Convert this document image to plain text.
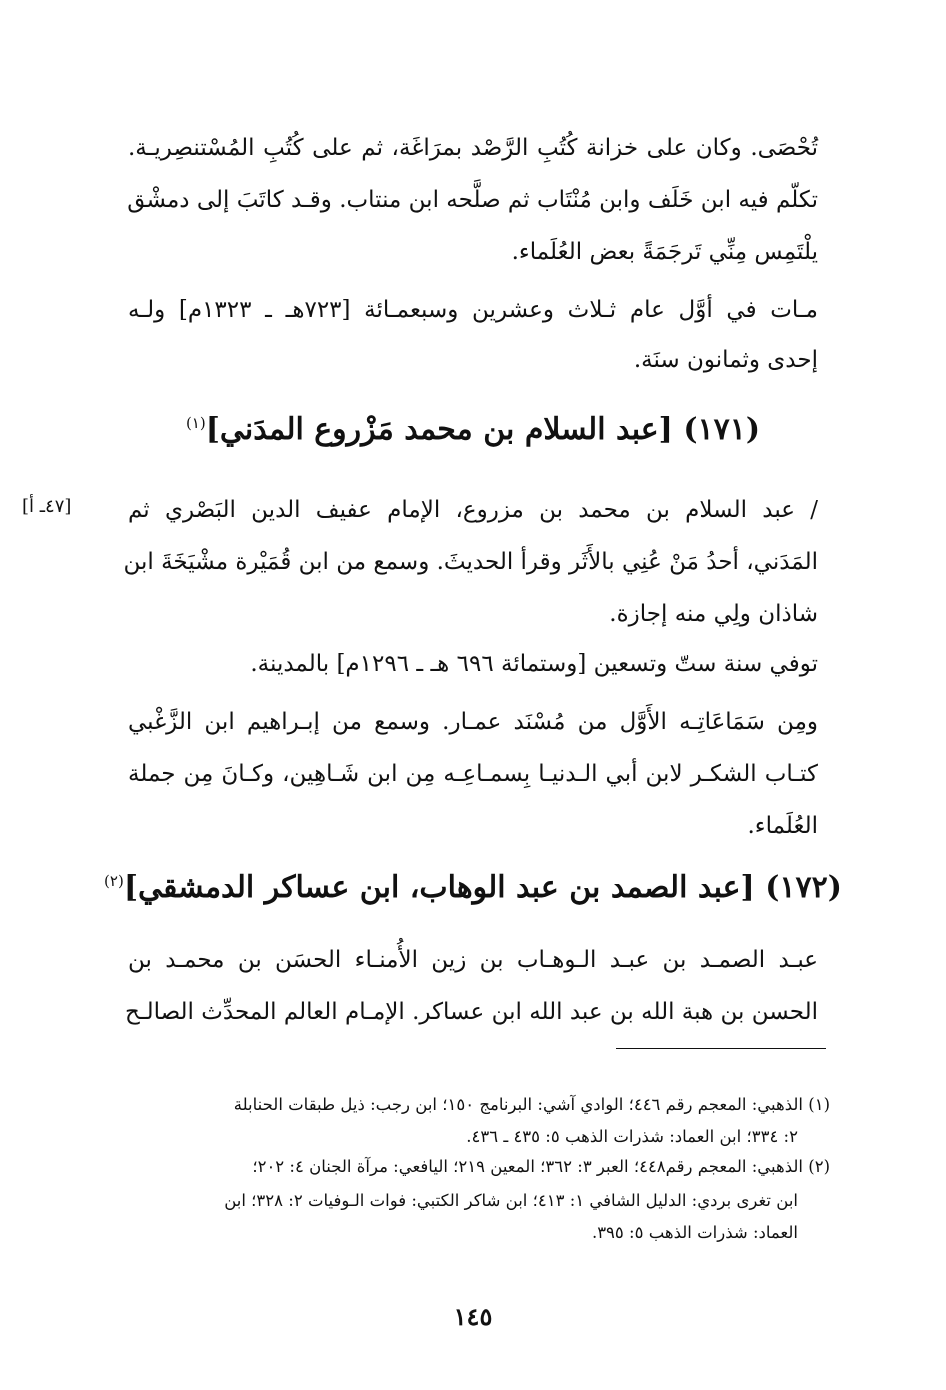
تُحْصَى. وكان على خزانة كُتُبِ الرَّصْد بمرَاغَة، ثم على كُتُبِ المُسْتنصِريـة.
تكلّم فيه ابن خَلَف وابن مُنْتَاب ثم صلَّحه ابن منتاب. وقـد كاتَبَ إلى دمشْق
يلْتَمِس مِنِّي تَرجَمَةً بعض العُلَماء.
مـات في أوَّل عام ثـلاث وعشرين وسبعمـائة [٧٢٣هـ ـ ١٣٢٣م] ولـه
إحدى وثمانون سنَة.
(١٧١) [عبد السلام بن محمد مَزْروع المدَني]$^{(١)}$
[٤٧ـ أ] / عبد السلام بن محمد بن مزروع، الإمام عفيف الدين البَصْري ثم
المَدَني، أحدُ مَنْ عُنِي بالأَثَر وقرأ الحديثَ. وسمع من ابن قُمَيْرة مشْيَخَةَ ابن
شاذان ولِي منه إجازة.
توفي سنة ستّ وتسعين [وستمائة ٦٩٦ هـ ـ ١٢٩٦م] بالمدينة.
ومِن سَمَاعَاتِـه الأَوَّل من مُسْنَد عمـار. وسمع من إبـراهيم ابن الزَّغْبي
كتـاب الشكـر لابن أبي الـدنيـا بِسمـاعِـه مِن ابن شَـاهِين، وكـانَ مِن جملة
العُلَماء.
(١٧٢) [عبد الصمد بن عبد الوهاب، ابن عساكر الدمشقي]$^{(٢)}$
عبـد الصمـد بن عبـد الـوهـاب بن زين الأُمنـاء الحسَن بن محمـد بن
الحسن بن هبة الله بن عبد الله ابن عساكر. الإمـام العالم المحدِّث الصالـح
(١) الذهبي: المعجم رقم ٤٤٦؛ الوادي آشي: البرنامج ١٥٠؛ ابن رجب: ذيل طبقات الحنابلة
٢: ٣٣٤؛ ابن العماد: شذرات الذهب ٥: ٤٣٥ ـ ٤٣٦.
(٢) الذهبي: المعجم رقم٤٤٨؛ العبر ٣: ٣٦٢؛ المعين ٢١٩؛ اليافعي: مرآة الجنان ٤: ٢٠٢؛
ابن تغرى بردي: الدليل الشافي ١: ٤١٣؛ ابن شاكر الكتبي: فوات الـوفيات ٢: ٣٢٨؛ ابن
العماد: شذرات الذهب ٥: ٣٩٥.
١٤٥
